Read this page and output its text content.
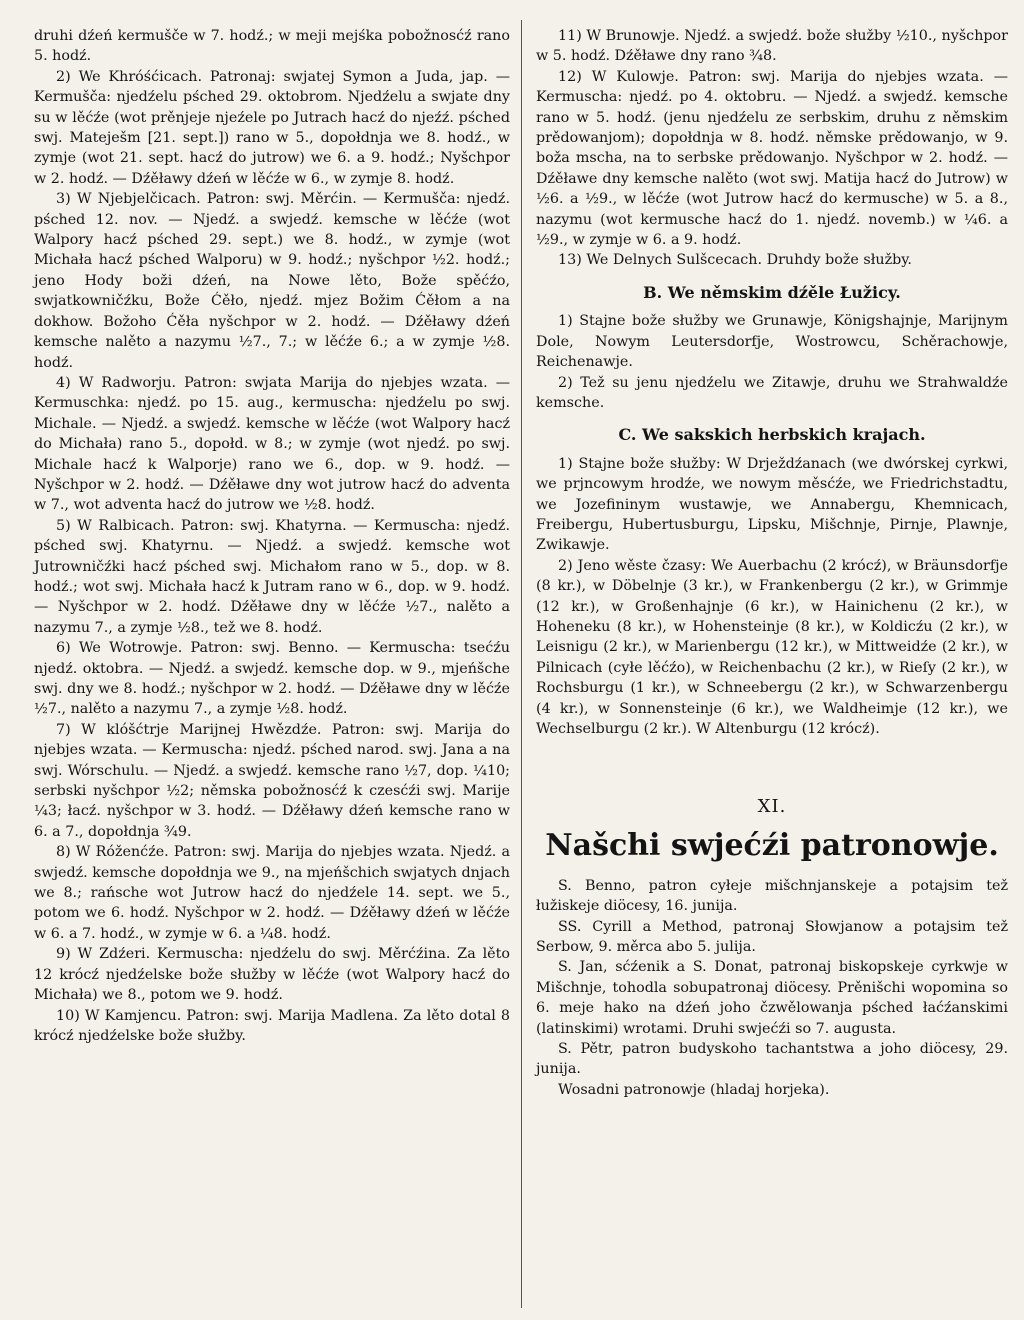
druhi dźeń kermušče w 7. hodź.; w meji mejśka pobožnosćź rano 5. hodź.

2) We Khróśćicach. Patronaj: swjatej Symon a Juda, jap. — Kermušča: njedźelu pśched 29. oktobrom. Njedźelu a swjate dny su w lěćźe (wot prěnjeje njeźele po Jutrach hacź do njeźź. pśched swj. Mateješm [21. sept.]) rano w 5., dopołdnja we 8. hodź., w zymje (wot 21. sept. hacź do jutrow) we 6. a 9. hodź.; Nyšchpor w 2. hodź. — Dźěławy dźeń w lěćźe w 6., w zymje 8. hodź.

3) W Njebjelčicach. Patron: swj. Měrćin. — Kermušča: njedź. pśched 12. nov. — Njedź. a swjedź. kemsche w lěćźe (wot Walpory hacź pśched 29. sept.) we 8. hodź., w zymje (wot Michała hacź pśched Walporu) w 9. hodź.; nyšchpor ½2. hodź.; jeno Hody boži dźeń, na Nowe lěto, Bože spěćźo, swjatkowničźku, Bože Ćěło, njedź. mjez Božim Ćěłom a na dokhow. Božoho Ćěła nyšchpor w 2. hodź. — Dźěławy dźeń kemsche nalěto a nazymu ½7., 7.; w lěćźe 6.; a w zymje ½8. hodź.

4) W Radworju. Patron: swjata Marija do njebjes wzata. — Kermuschka: njedź. po 15. aug., kermuscha: njedźelu po swj. Michale. — Njedź. a swjedź. kemsche w lěćźe (wot Walpory hacź do Michała) rano 5., dopołd. w 8.; w zymje (wot njedź. po swj. Michale hacź k Walporje) rano we 6., dop. w 9. hodź. — Nyšchpor w 2. hodź. — Dźěławe dny wot jutrow hacź do adventa w 7., wot adventa hacź do jutrow we ½8. hodź.

5) W Ralbicach. Patron: swj. Khatyrna. — Kermuscha: njedź. pśched swj. Khatyrnu. — Njedź. a swjedź. kemsche wot Jutrowničźki hacź pśched swj. Michałom rano w 5., dop. w 8. hodź.; wot swj. Michała hacź k Jutram rano w 6., dop. w 9. hodź. — Nyšchpor w 2. hodź. Dźěławe dny w lěćźe ½7., nalěto a nazymu 7., a zymje ½8., tež we 8. hodź.

6) We Wotrowje. Patron: swj. Benno. — Kermuscha: tsećźu njedź. oktobra. — Njedź. a swjedź. kemsche dop. w 9., mjeńšche swj. dny we 8. hodź.; nyšchpor w 2. hodź. — Dźěławe dny w lěćźe ½7., nalěto a nazymu 7., a zymje ½8. hodź.

7) W klóšćtrje Marijnej Hwězdźe. Patron: swj. Marija do njebjes wzata. — Kermuscha: njedź. pśched narod. swj. Jana a na swj. Wórschulu. — Njedź. a swjedź. kemsche rano ½7, dop. ¼10; serbski nyšchpor ½2; němska pobožnosćź k czesćźi swj. Marije ¼3; łacź. nyšchpor w 3. hodź. — Dźěławy dźeń kemsche rano w 6. a 7., dopołdnja ¾9.

8) W Róženćźe. Patron: swj. Marija do njebjes wzata. Njedź. a swjedź. kemsche dopołdnja we 9., na mjeńšchich swjatych dnjach we 8.; rańsche wot Jutrow hacź do njedźele 14. sept. we 5., potom we 6. hodź. Nyšchpor w 2. hodź. — Dźěławy dźeń w lěćźe w 6. a 7. hodź., w zymje w 6. a ¼8. hodź.

9) W Zdźeri. Kermuscha: njedźelu do swj. Měrćźina. Za lěto 12 krócź njedźelske bože słužby w lěćźe (wot Walpory hacź do Michała) we 8., potom we 9. hodź.

10) W Kamjencu. Patron: swj. Marija Madlena. Za lěto dotal 8 krócź njedźelske bože słužby.

11) W Brunowje. Njedź. a swjedź. bože słužby ½10., nyšchpor w 5. hodź. Dźěławe dny rano ¾8.

12) W Kulowje. Patron: swj. Marija do njebjes wzata. — Kermuscha: njedź. po 4. oktobru. — Njedź. a swjedź. kemsche rano w 5. hodź. (jenu njedźelu ze serbskim, druhu z němskim prědowanjom); dopołdnja w 8. hodź. němske prědowanjo, w 9. boža mscha, na to serbske prědowanjo. Nyšchpor w 2. hodź. — Dźěławe dny kemsche nalěto (wot swj. Matija hacź do Jutrow) w ½6. a ½9., w lěćźe (wot Jutrow hacź do kermusche) w 5. a 8., nazymu (wot kermusche hacź do 1. njedź. novemb.) w ¼6. a ½9., w zymje w 6. a 9. hodź.

13) We Delnych Sulšcecach. Druhdy bože słužby.

B. We němskim dźěle Łužicy.

1) Stajne bože słužby we Grunawje, Königshajnje, Marijnym Dole, Nowym Leutersdorfje, Wostrowcu, Schěrachowje, Reichenawje.

2) Tež su jenu njedźelu we Zitawje, druhu we Strahwaldźe kemsche.

C. We sakskich herbskich krajach.

1) Stajne bože słužby: W Drježdźanach (we dwórskej cyrkwi, we prjncowym hrodźe, we nowym měsćźe, we Friedrichstadtu, we Jozefininym wustawje, we Annabergu, Khemnicach, Freibergu, Hubertusburgu, Lipsku, Mišchnje, Pirnje, Plawnje, Zwikawje.

2) Jeno wěste čzasy: We Auerbachu (2 krócź), w Bräunsdorfje (8 kr.), w Döbelnje (3 kr.), w Frankenbergu (2 kr.), w Grimmje (12 kr.), w Großenhajnje (6 kr.), w Hainichenu (2 kr.), w Hoheneku (8 kr.), w Hohensteinje (8 kr.), w Koldicźu (2 kr.), w Leisnigu (2 kr.), w Marienbergu (12 kr.), w Mittweidźe (2 kr.), w Pilnicach (cyłe lěćźo), w Reichenbachu (2 kr.), w Rieſy (2 kr.), w Rochsburgu (1 kr.), w Schneebergu (2 kr.), w Schwarzenbergu (4 kr.), w Sonnensteinje (6 kr.), we Waldheimje (12 kr.), we Wechselburgu (2 kr.). W Altenburgu (12 krócź).

XI.
Našchi swjećźi patronowje.

S. Benno, patron cyłeje mišchnjanskeje a potajsim tež łužiskeje diöcesy, 16. junija.

SS. Cyrill a Method, patronaj Słowjanow a potajsim tež Serbow, 9. měrca abo 5. julija.

S. Jan, sćźenik a S. Donat, patronaj biskopskeje cyrkwje w Mišchnje, tohodla sobupatronaj diöcesy. Prěnišchi wopomina so 6. meje hako na dźeń joho čzwělowanja pśched łaćźanskimi (latinskimi) wrotami. Druhi swjećźi so 7. augusta.

S. Pětr, patron budyskoho tachantstwa a joho diöcesy, 29. junija.

Wosadni patronowje (hladaj horjeka).
